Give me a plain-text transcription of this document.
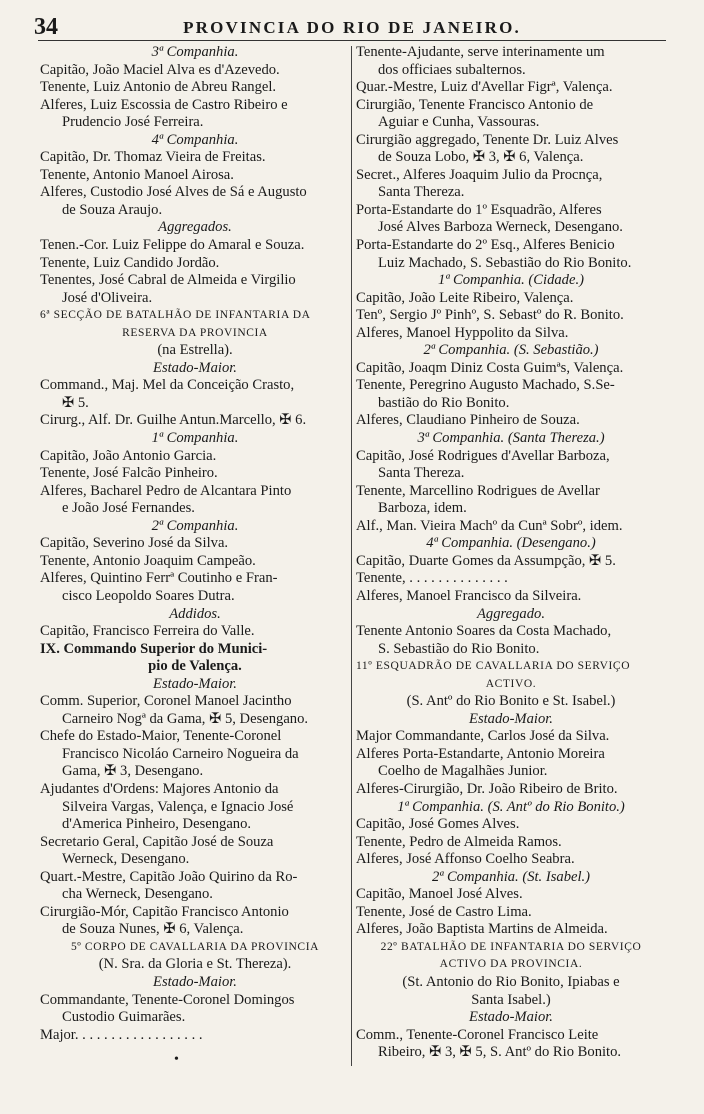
34	PROVINCIA DO RIO DE JANEIRO.
3ª Companhia.
Capitão, João Maciel Alva es d'Azevedo.
Tenente, Luiz Antonio de Abreu Rangel.
Alferes, Luiz Escossia de Castro Ribeiro e
Prudencio José Ferreira.
4ª Companhia.
Capitão, Dr. Thomaz Vieira de Freitas.
Tenente, Antonio Manoel Airosa.
Alferes, Custodio José Alves de Sá e Augusto
de Souza Araujo.
Aggregados.
Tenen.-Cor. Luiz Felippe do Amaral e Souza.
Tenente, Luiz Candido Jordão.
Tenentes, José Cabral de Almeida e Virgilio
José d'Oliveira.
6ª SECÇÃO DE BATALHÃO DE INFANTARIA DA
RESERVA DA PROVINCIA
(na Estrella).
Estado-Maior.
Command., Maj. Mel da Conceição Crasto,
✠ 5.
Cirurg., Alf. Dr. Guilhe Antun.Marcello, ✠ 6.
1ª Companhia.
Capitão, João Antonio Garcia.
Tenente, José Falcão Pinheiro.
Alferes, Bacharel Pedro de Alcantara Pinto
e João José Fernandes.
2ª Companhia.
Capitão, Severino José da Silva.
Tenente, Antonio Joaquim Campeão.
Alferes, Quintino Ferrª Coutinho e Fran-
cisco Leopoldo Soares Dutra.
Addidos.
Capitão, Francisco Ferreira do Valle.
IX. Commando Superior do Munici-
pio de Valença.
Estado-Maior.
Comm. Superior, Coronel Manoel Jacintho
Carneiro Nogª da Gama, ✠ 5, Desengano.
Chefe do Estado-Maior, Tenente-Coronel
Francisco Nicoláo Carneiro Nogueira da
Gama, ✠ 3, Desengano.
Ajudantes d'Ordens: Majores Antonio da
Silveira Vargas, Valença, e Ignacio José
d'America Pinheiro, Desengano.
Secretario Geral, Capitão José de Souza
Werneck, Desengano.
Quart.-Mestre, Capitão João Quirino da Ro-
cha Werneck, Desengano.
Cirurgião-Mór, Capitão Francisco Antonio
de Souza Nunes, ✠ 6, Valença.
5º CORPO DE CAVALLARIA DA PROVINCIA
(N. Sra. da Gloria e St. Thereza).
Estado-Maior.
Commandante, Tenente-Coronel Domingos
Custodio Guimarães.
Major. . . . . . . . . . . . . . . . . .
Tenente-Ajudante, serve interinamente um
dos officiaes subalternos.
Quar.-Mestre, Luiz d'Avellar Figrª, Valença.
Cirurgião, Tenente Francisco Antonio de
Aguiar e Cunha, Vassouras.
Cirurgião aggregado, Tenente Dr. Luiz Alves
de Souza Lobo, ✠ 3, ✠ 6, Valença.
Secret., Alferes Joaquim Julio da Procnça,
Santa Thereza.
Porta-Estandarte do 1º Esquadrão, Alferes
José Alves Barboza Werneck, Desengano.
Porta-Estandarte do 2º Esq., Alferes Benicio
Luiz Machado, S. Sebastião do Rio Bonito.
1ª Companhia. (Cidade.)
Capitão, João Leite Ribeiro, Valença.
Tenº, Sergio Jº Pinhº, S. Sebastº do R. Bonito.
Alferes, Manoel Hyppolito da Silva.
2ª Companhia. (S. Sebastião.)
Capitão, Joaqm Diniz Costa Guimªs, Valença.
Tenente, Peregrino Augusto Machado, S.Se-
bastião do Rio Bonito.
Alferes, Claudiano Pinheiro de Souza.
3ª Companhia. (Santa Thereza.)
Capitão, José Rodrigues d'Avellar Barboza,
Santa Thereza.
Tenente, Marcellino Rodrigues de Avellar
Barboza, idem.
Alf., Man. Vieira Machº da Cunª Sobrº, idem.
4ª Companhia. (Desengano.)
Capitão, Duarte Gomes da Assumpção, ✠ 5.
Tenente, . . . . . . . . . . . . . .
Alferes, Manoel Francisco da Silveira.
Aggregado.
Tenente Antonio Soares da Costa Machado,
S. Sebastião do Rio Bonito.
11º ESQUADRÃO DE CAVALLARIA DO SERVIÇO
ACTIVO.
(S. Antº do Rio Bonito e St. Isabel.)
Estado-Maior.
Major Commandante, Carlos José da Silva.
Alferes Porta-Estandarte, Antonio Moreira
Coelho de Magalhães Junior.
Alferes-Cirurgião, Dr. João Ribeiro de Brito.
1ª Companhia. (S. Antº do Rio Bonito.)
Capitão, José Gomes Alves.
Tenente, Pedro de Almeida Ramos.
Alferes, José Affonso Coelho Seabra.
2ª Companhia. (St. Isabel.)
Capitão, Manoel José Alves.
Tenente, José de Castro Lima.
Alferes, João Baptista Martins de Almeida.
22º BATALHÃO DE INFANTARIA DO SERVIÇO
ACTIVO DA PROVINCIA.
(St. Antonio do Rio Bonito, Ipiabas e
Santa Isabel.)
Estado-Maior.
Comm., Tenente-Coronel Francisco Leite
Ribeiro, ✠ 3, ✠ 5, S. Antº do Rio Bonito.
•
